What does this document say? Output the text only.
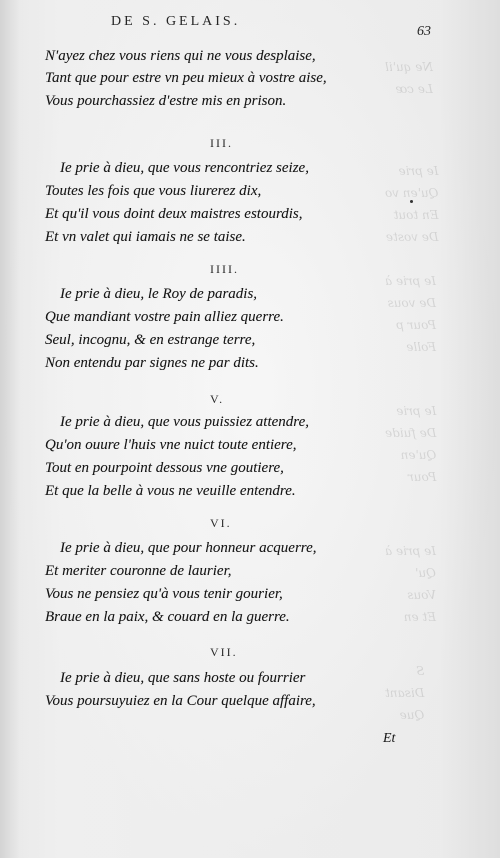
Ne qu'il
Le cœ
Ie prie
Qu'en vo
En tout
De voste
Ie prie à
De vous
Pour p
Folle
Ie prie
De fuide
Qu'en
Pour
Ie prie à
Qu'
Vous
Et en
S
Disant
Que
DE S. GELAIS.
63
N'ayez chez vous riens qui ne vous desplaise,
Tant que pour estre vn peu mieux à vostre aise,
Vous pourchassiez d'estre mis en prison.
III.
Ie prie à dieu, que vous rencontriez seize,
Toutes les fois que vous liurerez dix,
Et qu'il vous doint deux maistres estourdis,
Et vn valet qui iamais ne se taise.
IIII.
Ie prie à dieu, le Roy de paradis,
Que mandiant vostre pain alliez querre.
Seul, incognu, & en estrange terre,
Non entendu par signes ne par dits.
V.
Ie prie à dieu, que vous puissiez attendre,
Qu'on ouure l'huis vne nuict toute entiere,
Tout en pourpoint dessous vne goutiere,
Et que la belle à vous ne veuille entendre.
VI.
Ie prie à dieu, que pour honneur acquerre,
Et meriter couronne de laurier,
Vous ne pensiez qu'à vous tenir gourier,
Braue en la paix, & couard en la guerre.
VII.
Ie prie à dieu, que sans hoste ou fourrier
Vous poursuyuiez en la Cour quelque affaire,
Et
